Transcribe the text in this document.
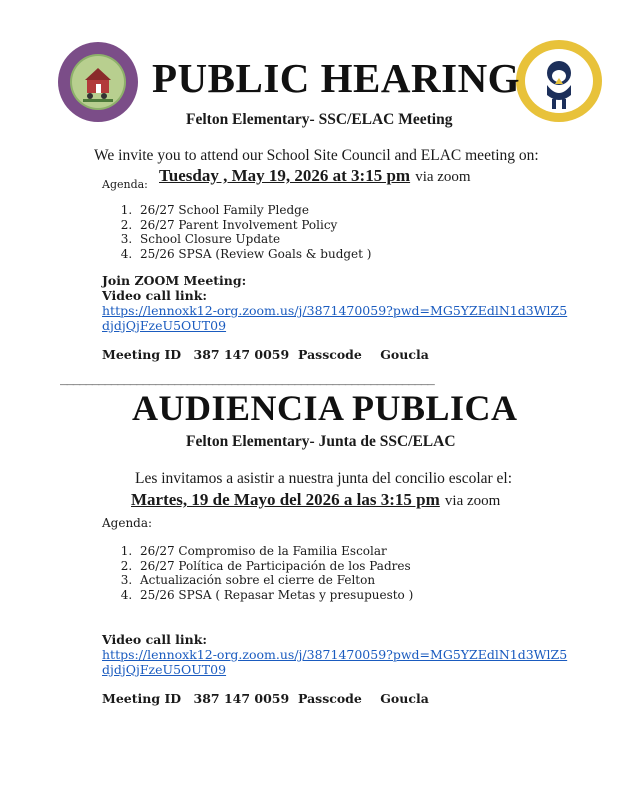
PUBLIC HEARING
Felton Elementary- SSC/ELAC Meeting
We invite you to attend our School Site Council and ELAC meeting on:
Agenda: Tuesday , May 19, 2026 at 3:15 pm via zoom
1. 26/27 School Family Pledge
2. 26/27 Parent Involvement Policy
3. School Closure Update
4. 25/26 SPSA (Review Goals & budget )
Join ZOOM Meeting:
Video call link:
https://lennoxk12-org.zoom.us/j/3871470059?pwd=MG5YZEdlN1d3WlZ5
djdjQjFzeU5OUT09
Meeting ID 387 147 0059 Passcode Goucla
___________________________________________________________
AUDIENCIA PUBLICA
Felton Elementary- Junta de SSC/ELAC
Les invitamos a asistir a nuestra junta del concilio escolar el:
Martes, 19 de Mayo del 2026 a las 3:15 pm via zoom
Agenda:
1. 26/27 Compromiso de la Familia Escolar
2. 26/27 Política de Participación de los Padres
3. Actualización sobre el cierre de Felton
4. 25/26 SPSA ( Repasar Metas y presupuesto )
Video call link:
https://lennoxk12-org.zoom.us/j/3871470059?pwd=MG5YZEdlN1d3WlZ5
djdjQjFzeU5OUT09
Meeting ID 387 147 0059 Passcode Goucla
